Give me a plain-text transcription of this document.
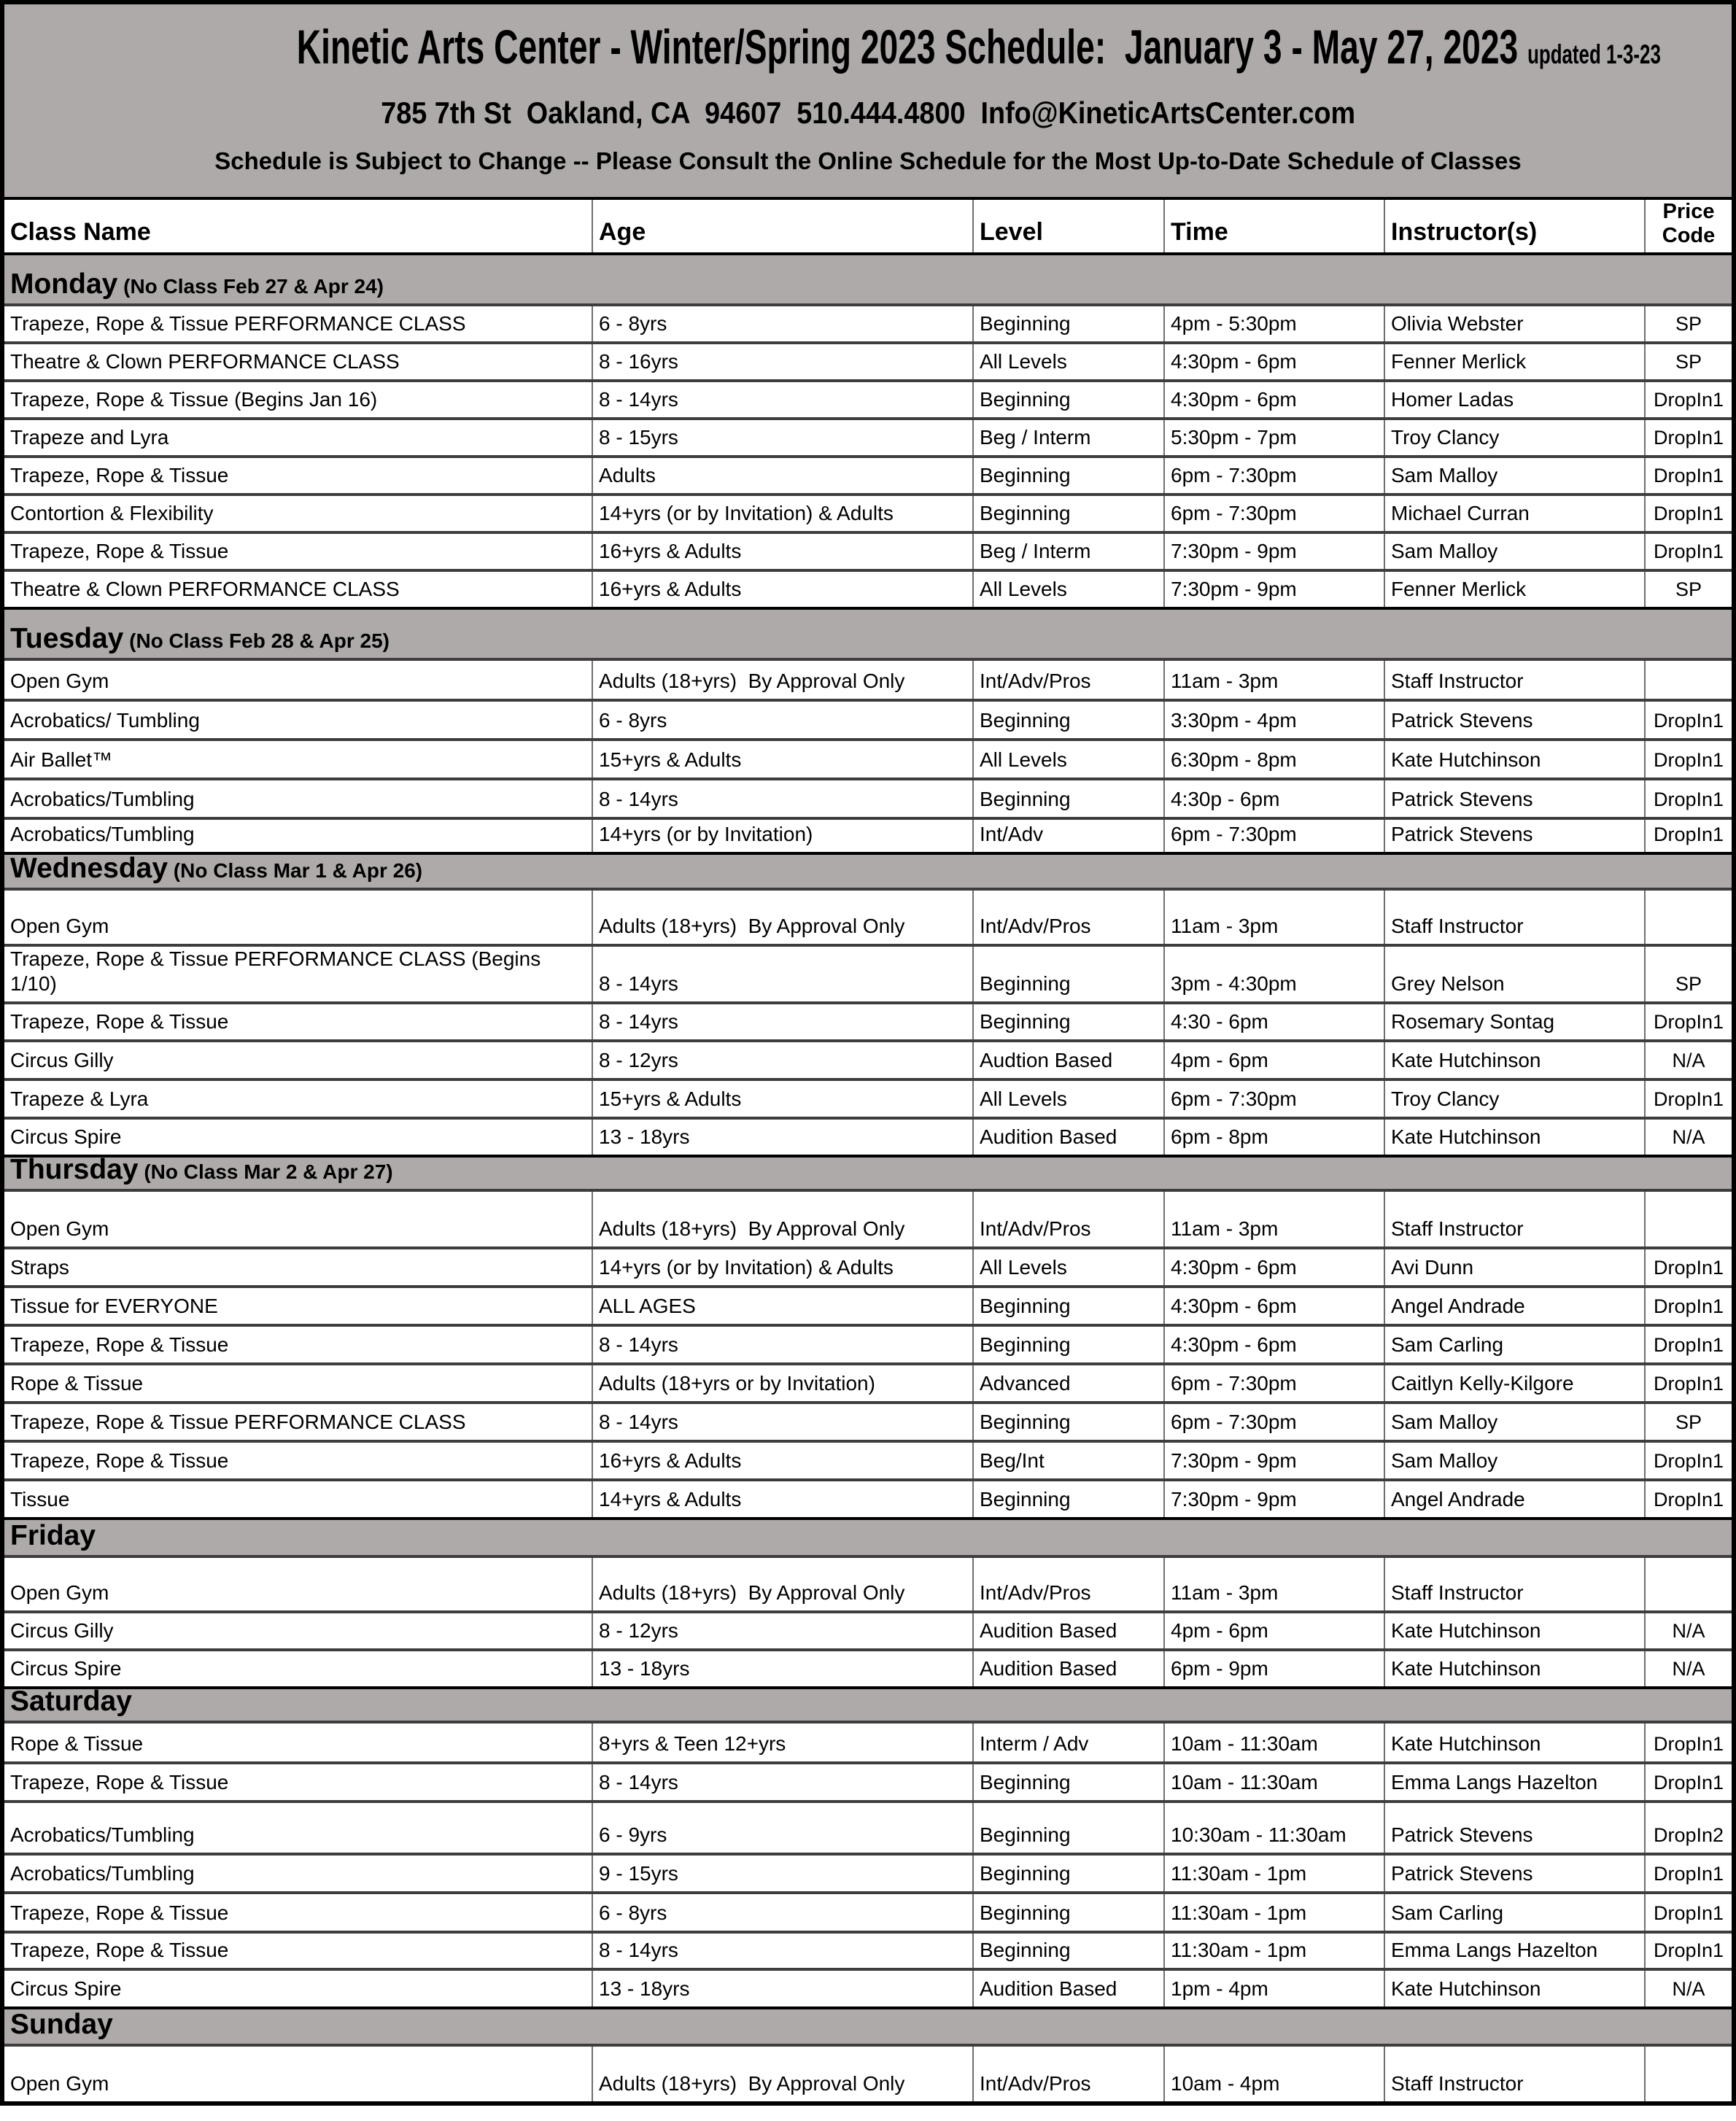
Kinetic Arts Center - Winter/Spring 2023 Schedule:  January 3 - May 27, 2023 updated 1-3-23
785 7th St  Oakland, CA  94607  510.444.4800  Info@KineticArtsCenter.com
Schedule is Subject to Change -- Please Consult the Online Schedule for the Most Up-to-Date Schedule of Classes
Class Name	Age	Level	Time	Instructor(s)	Price Code
Monday (No Class Feb 27 & Apr 24)					
Trapeze, Rope & Tissue PERFORMANCE CLASS	6 - 8yrs	Beginning	4pm - 5:30pm	Olivia Webster	SP
Theatre & Clown PERFORMANCE CLASS	8 - 16yrs	All Levels	4:30pm - 6pm	Fenner Merlick	SP
Trapeze, Rope & Tissue (Begins Jan 16)	8 - 14yrs	Beginning	4:30pm - 6pm	Homer Ladas	DropIn1
Trapeze and Lyra	8 - 15yrs	Beg / Interm	5:30pm - 7pm	Troy Clancy	DropIn1
Trapeze, Rope & Tissue	Adults	Beginning	6pm - 7:30pm	Sam Malloy	DropIn1
Contortion & Flexibility	14+yrs (or by Invitation) & Adults	Beginning	6pm - 7:30pm	Michael Curran	DropIn1
Trapeze, Rope & Tissue	16+yrs & Adults	Beg / Interm	7:30pm - 9pm	Sam Malloy	DropIn1
Theatre & Clown PERFORMANCE CLASS	16+yrs & Adults	All Levels	7:30pm - 9pm	Fenner Merlick	SP
Tuesday (No Class Feb 28 & Apr 25)					
Open Gym	Adults (18+yrs)  By Approval Only	Int/Adv/Pros	11am - 3pm	Staff Instructor	
Acrobatics/ Tumbling	6 - 8yrs	Beginning	3:30pm - 4pm	Patrick Stevens	DropIn1
Air Ballet™	15+yrs & Adults	All Levels	6:30pm - 8pm	Kate Hutchinson	DropIn1
Acrobatics/Tumbling	8 - 14yrs	Beginning	4:30p - 6pm	Patrick Stevens	DropIn1
Acrobatics/Tumbling	14+yrs (or by Invitation)	Int/Adv	6pm - 7:30pm	Patrick Stevens	DropIn1
Wednesday (No Class Mar 1 & Apr 26)					
Open Gym	Adults (18+yrs)  By Approval Only	Int/Adv/Pros	11am - 3pm	Staff Instructor	
Trapeze, Rope & Tissue PERFORMANCE CLASS (Begins 1/10)	8 - 14yrs	Beginning	3pm - 4:30pm	Grey Nelson	SP
Trapeze, Rope & Tissue	8 - 14yrs	Beginning	4:30 - 6pm	Rosemary Sontag	DropIn1
Circus Gilly	8 - 12yrs	Audtion Based	4pm - 6pm	Kate Hutchinson	N/A
Trapeze & Lyra	15+yrs & Adults	All Levels	6pm - 7:30pm	Troy Clancy	DropIn1
Circus Spire	13 - 18yrs	Audition Based	6pm - 8pm	Kate Hutchinson	N/A
Thursday (No Class Mar 2 & Apr 27)					
Open Gym	Adults (18+yrs)  By Approval Only	Int/Adv/Pros	11am - 3pm	Staff Instructor	
Straps	14+yrs (or by Invitation) & Adults	All Levels	4:30pm - 6pm	Avi Dunn	DropIn1
Tissue for EVERYONE	ALL AGES	Beginning	4:30pm - 6pm	Angel Andrade	DropIn1
Trapeze, Rope & Tissue	8 - 14yrs	Beginning	4:30pm - 6pm	Sam Carling	DropIn1
Rope & Tissue	Adults (18+yrs or by Invitation)	Advanced	6pm - 7:30pm	Caitlyn Kelly-Kilgore	DropIn1
Trapeze, Rope & Tissue PERFORMANCE CLASS	8 - 14yrs	Beginning	6pm - 7:30pm	Sam Malloy	SP
Trapeze, Rope & Tissue	16+yrs & Adults	Beg/Int	7:30pm - 9pm	Sam Malloy	DropIn1
Tissue	14+yrs & Adults	Beginning	7:30pm - 9pm	Angel Andrade	DropIn1
Friday					
Open Gym	Adults (18+yrs)  By Approval Only	Int/Adv/Pros	11am - 3pm	Staff Instructor	
Circus Gilly	8 - 12yrs	Audition Based	4pm - 6pm	Kate Hutchinson	N/A
Circus Spire	13 - 18yrs	Audition Based	6pm - 9pm	Kate Hutchinson	N/A
Saturday					
Rope & Tissue	8+yrs & Teen 12+yrs	Interm / Adv	10am - 11:30am	Kate Hutchinson	DropIn1
Trapeze, Rope & Tissue	8 - 14yrs	Beginning	10am - 11:30am	Emma Langs Hazelton	DropIn1
Acrobatics/Tumbling	6 - 9yrs	Beginning	10:30am - 11:30am	Patrick Stevens	DropIn2
Acrobatics/Tumbling	9 - 15yrs	Beginning	11:30am - 1pm	Patrick Stevens	DropIn1
Trapeze, Rope & Tissue	6 - 8yrs	Beginning	11:30am - 1pm	Sam Carling	DropIn1
Trapeze, Rope & Tissue	8 - 14yrs	Beginning	11:30am - 1pm	Emma Langs Hazelton	DropIn1
Circus Spire	13 - 18yrs	Audition Based	1pm - 4pm	Kate Hutchinson	N/A
Sunday					
Open Gym	Adults (18+yrs)  By Approval Only	Int/Adv/Pros	10am - 4pm	Staff Instructor	
